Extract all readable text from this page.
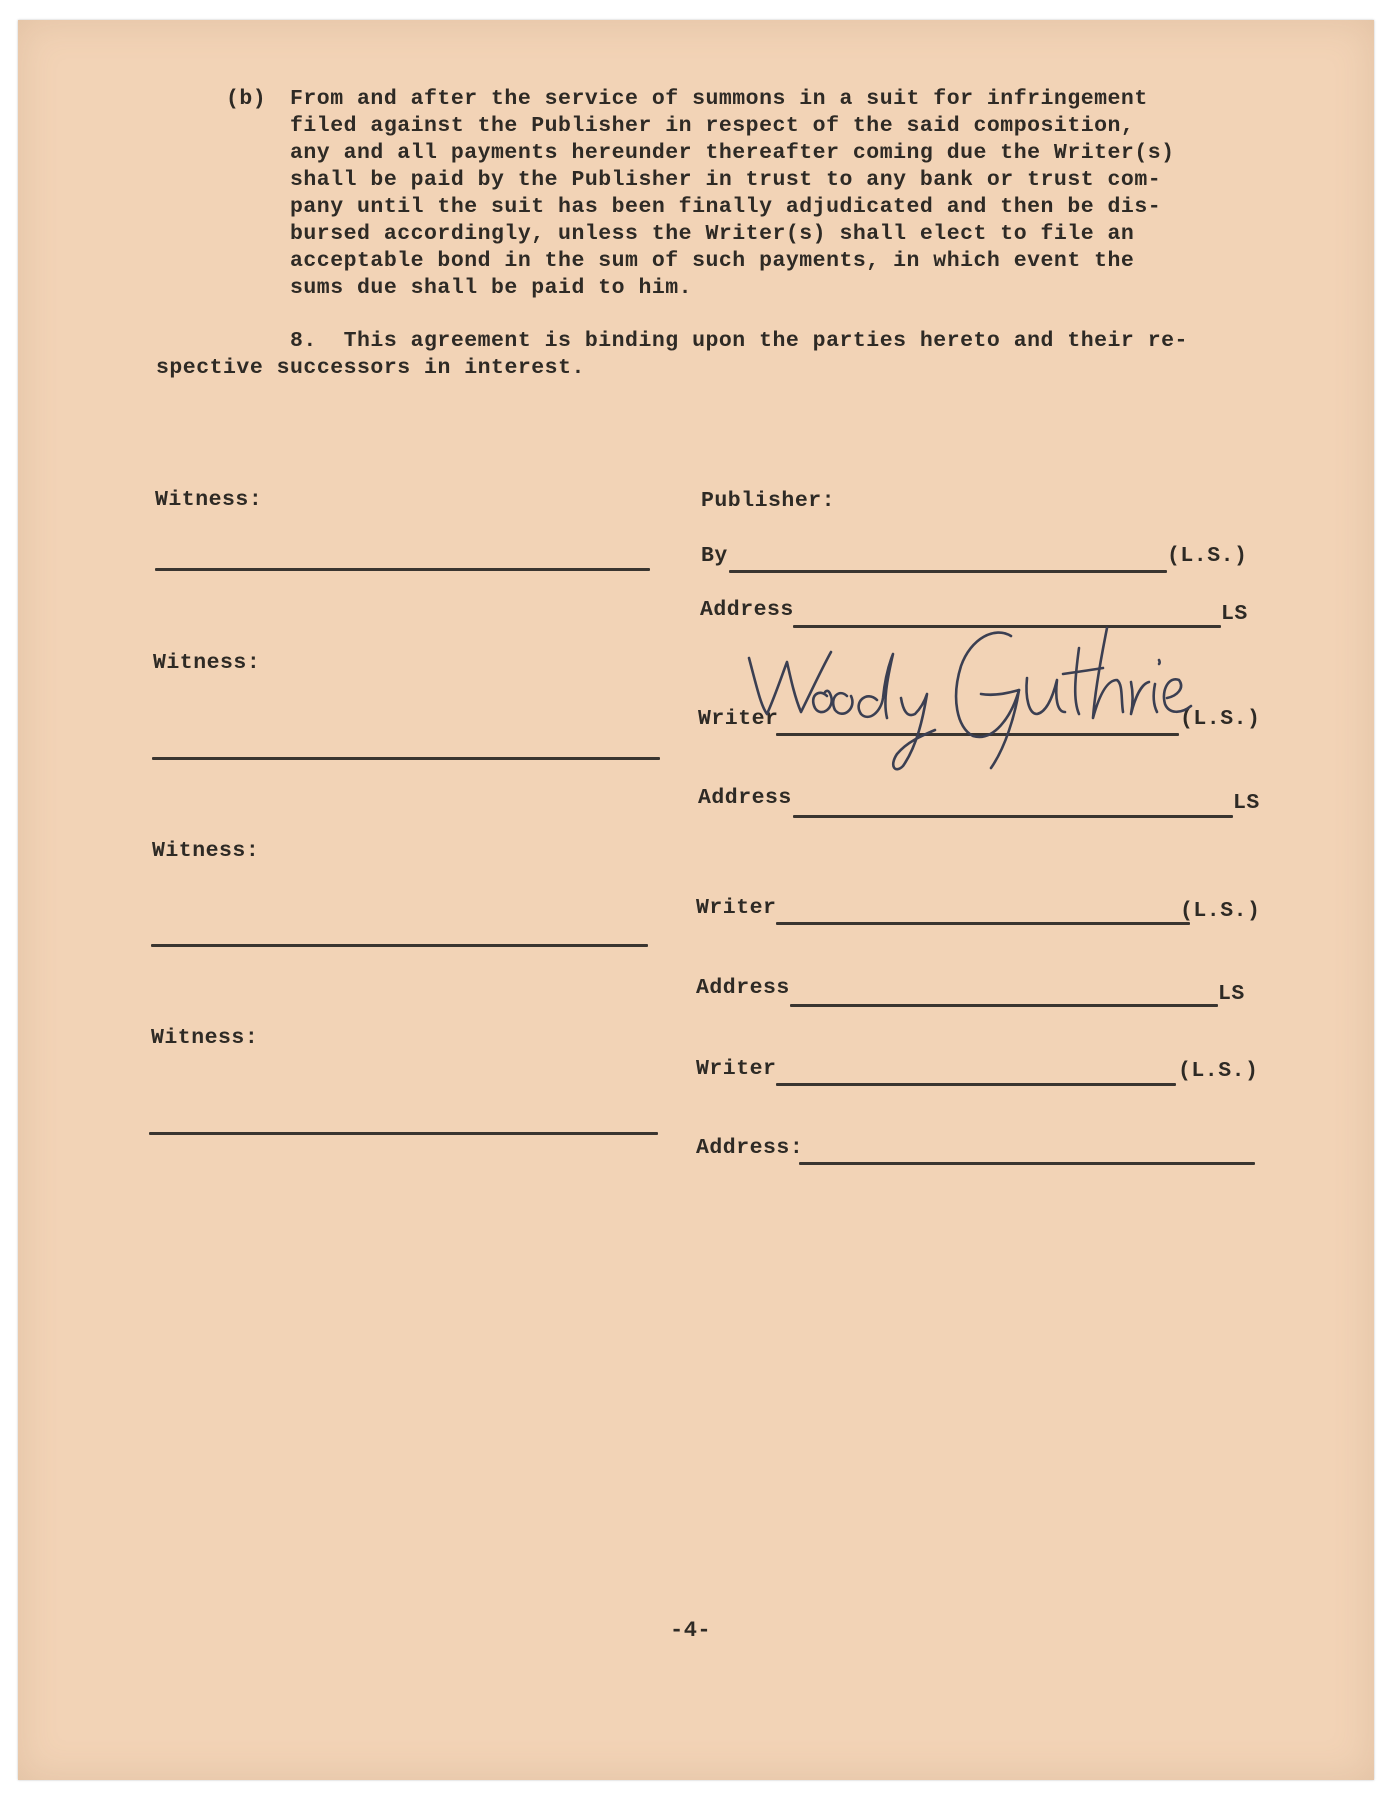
(b) From and after the service of summons in a suit for infringement
filed against the Publisher in respect of the said composition,
any and all payments hereunder thereafter coming due the Writer(s)
shall be paid by the Publisher in trust to any bank or trust com-
pany until the suit has been finally adjudicated and then be dis-
bursed accordingly, unless the Writer(s) shall elect to file an
acceptable bond in the sum of such payments, in which event the
sums due shall be paid to him.
8.  This agreement is binding upon the parties hereto and their re-
spective successors in interest.
Witness:
Witness:
Witness:
Witness:
Publisher:
By	(L.S.)
Address	LS
Writer	(L.S.)
Woody Guthrie
Address	LS
Writer	(L.S.)
Address	LS
Writer	(L.S.)
Address:
-4-
